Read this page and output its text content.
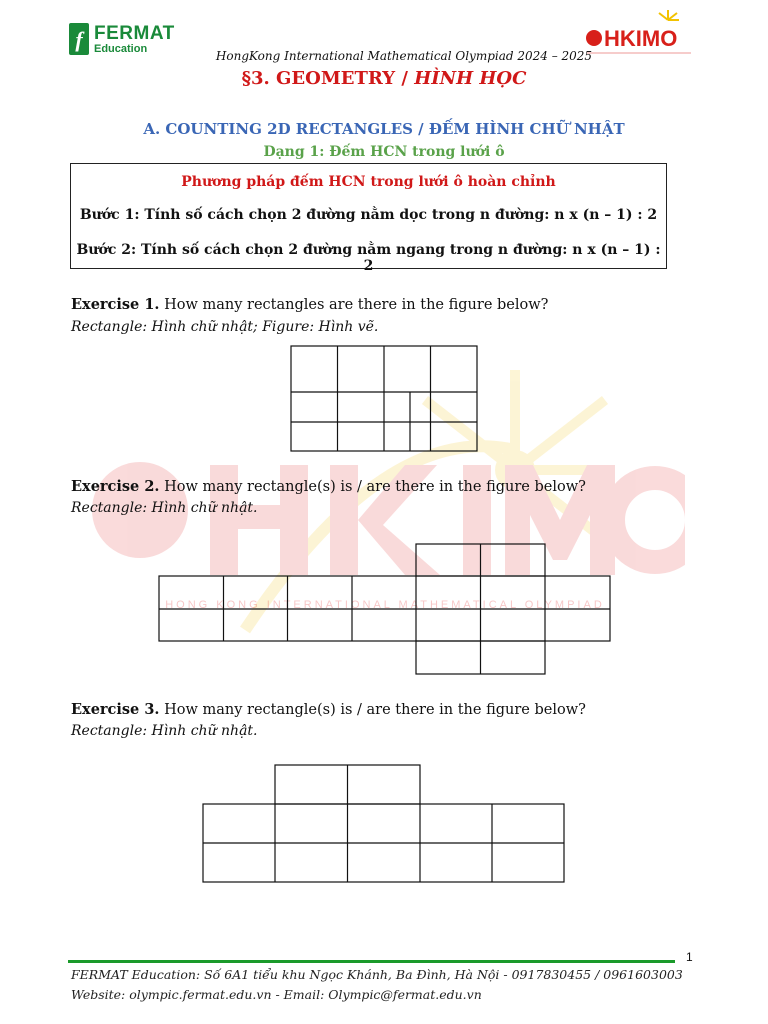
HONG KONG INTERNATIONAL MATHEMATICAL OLYMPIAD
f FERMAT
Education	HKIMO
HongKong International Mathematical Olympiad 2024 – 2025
§3. GEOMETRY / HÌNH HỌC
A. COUNTING 2D RECTANGLES / ĐẾM HÌNH CHỮ NHẬT
Dạng 1: Đếm HCN trong lưới ô
Phương pháp đếm HCN trong lưới ô hoàn chỉnh
Bước 1: Tính số cách chọn 2 đường nằm dọc trong n đường: n x (n – 1) : 2
Bước 2: Tính số cách chọn 2 đường nằm ngang trong n đường: n x (n – 1) : 2
Exercise 1. How many rectangles are there in the figure below?
Rectangle: Hình chữ nhật; Figure: Hình vẽ.
Exercise 2. How many rectangle(s) is / are there in the figure below?
Rectangle: Hình chữ nhật.
Exercise 3. How many rectangle(s) is / are there in the figure below?
Rectangle: Hình chữ nhật.
1
FERMAT Education: Số 6A1 tiểu khu Ngọc Khánh, Ba Đình, Hà Nội - 0917830455 / 0961603003
Website: olympic.fermat.edu.vn - Email: Olympic@fermat.edu.vn
